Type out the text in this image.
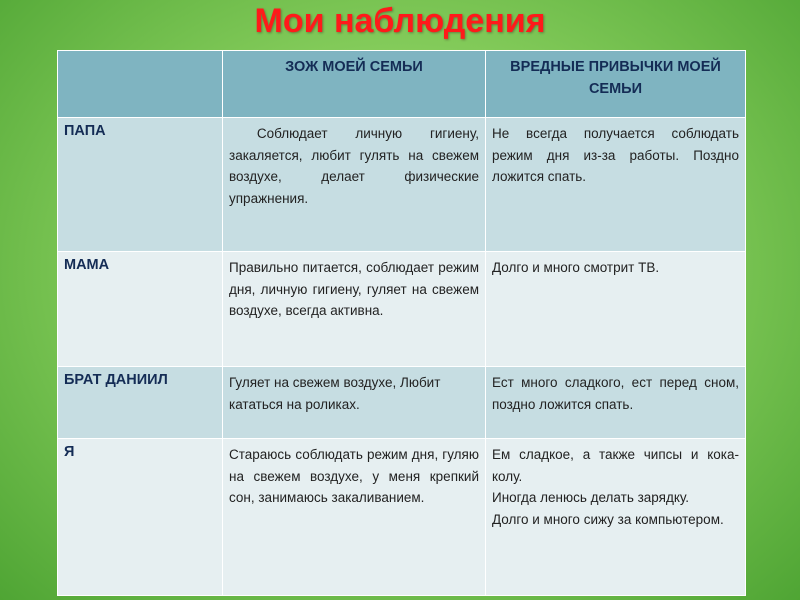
Мои наблюдения
	ЗОЖ МОЕЙ СЕМЬИ	ВРЕДНЫЕ ПРИВЫЧКИ МОЕЙ СЕМЬИ
ПАПА	Соблюдает личную гигиену, закаляется, любит гулять на свежем воздухе, делает физические упражнения.	Не всегда получается соблюдать режим дня из-за работы. Поздно ложится спать.

МАМА	Правильно питается, соблюдает режим дня, личную гигиену, гуляет на свежем воздухе, всегда активна.	Долго и много смотрит ТВ.

БРАТ ДАНИИЛ	Гуляет на свежем воздухе, Любит кататься на роликах.	Ест много сладкого, ест перед сном, поздно ложится спать.

Я	Стараюсь соблюдать режим дня, гуляю на свежем воздухе, у меня крепкий сон, занимаюсь закаливанием.	Ем сладкое, а также чипсы и кока-колу.
Иногда ленюсь делать зарядку.
Долго и много сижу за компьютером.
